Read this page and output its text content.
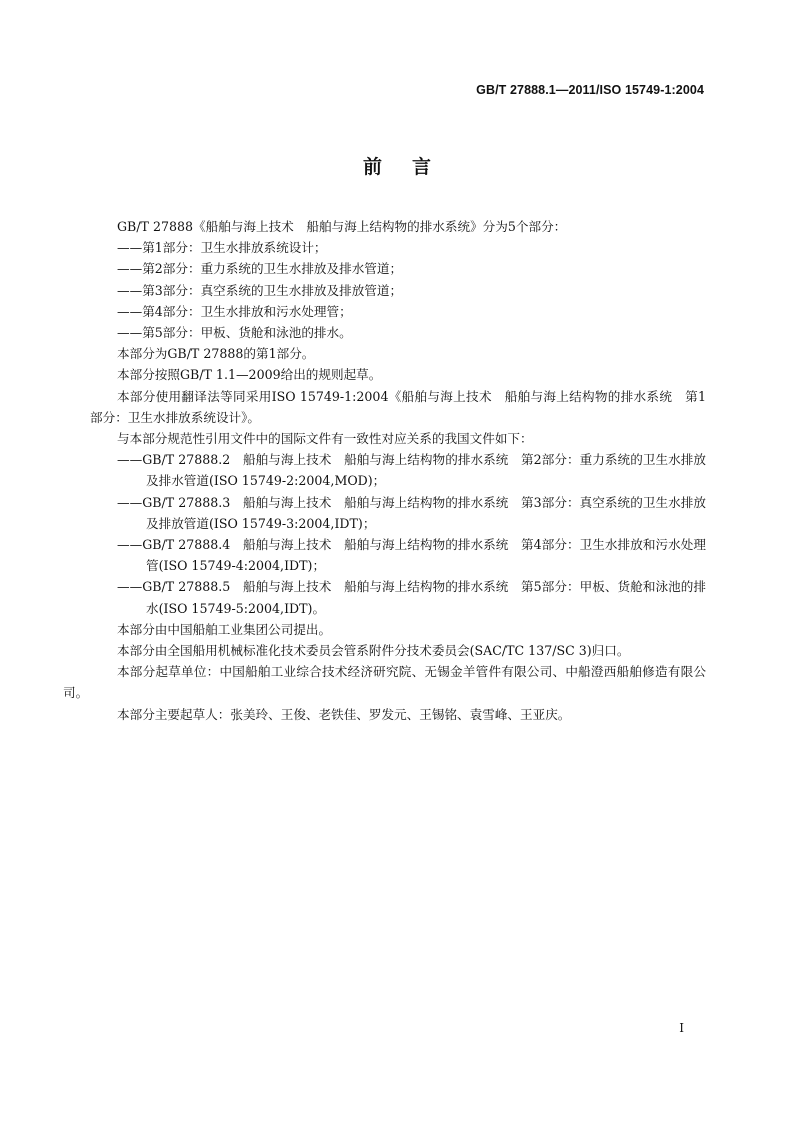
GB/T 27888.1—2011/ISO 15749-1:2004
前言

GB/T 27888《船舶与海上技术　船舶与海上结构物的排水系统》分为5个部分：

——第1部分：卫生水排放系统设计；

——第2部分：重力系统的卫生水排放及排水管道；

——第3部分：真空系统的卫生水排放及排放管道；

——第4部分：卫生水排放和污水处理管；

——第5部分：甲板、货舱和泳池的排水。

本部分为GB/T 27888的第1部分。

本部分按照GB/T 1.1—2009给出的规则起草。

本部分使用翻译法等同采用ISO 15749-1:2004《船舶与海上技术　船舶与海上结构物的排水系统　第1部分：卫生水排放系统设计》。

与本部分规范性引用文件中的国际文件有一致性对应关系的我国文件如下：

——GB/T 27888.2　船舶与海上技术　船舶与海上结构物的排水系统　第2部分：重力系统的卫生水排放及排水管道(ISO 15749-2:2004,MOD)；

——GB/T 27888.3　船舶与海上技术　船舶与海上结构物的排水系统　第3部分：真空系统的卫生水排放及排放管道(ISO 15749-3:2004,IDT)；

——GB/T 27888.4　船舶与海上技术　船舶与海上结构物的排水系统　第4部分：卫生水排放和污水处理管(ISO 15749-4:2004,IDT)；

——GB/T 27888.5　船舶与海上技术　船舶与海上结构物的排水系统　第5部分：甲板、货舱和泳池的排水(ISO 15749-5:2004,IDT)。

本部分由中国船舶工业集团公司提出。

本部分由全国船用机械标准化技术委员会管系附件分技术委员会(SAC/TC 137/SC 3)归口。

本部分起草单位：中国船舶工业综合技术经济研究院、无锡金羊管件有限公司、中船澄西船舶修造有限公司。

本部分主要起草人：张美玲、王俊、老铁佳、罗发元、王锡铭、袁雪峰、王亚庆。

I
